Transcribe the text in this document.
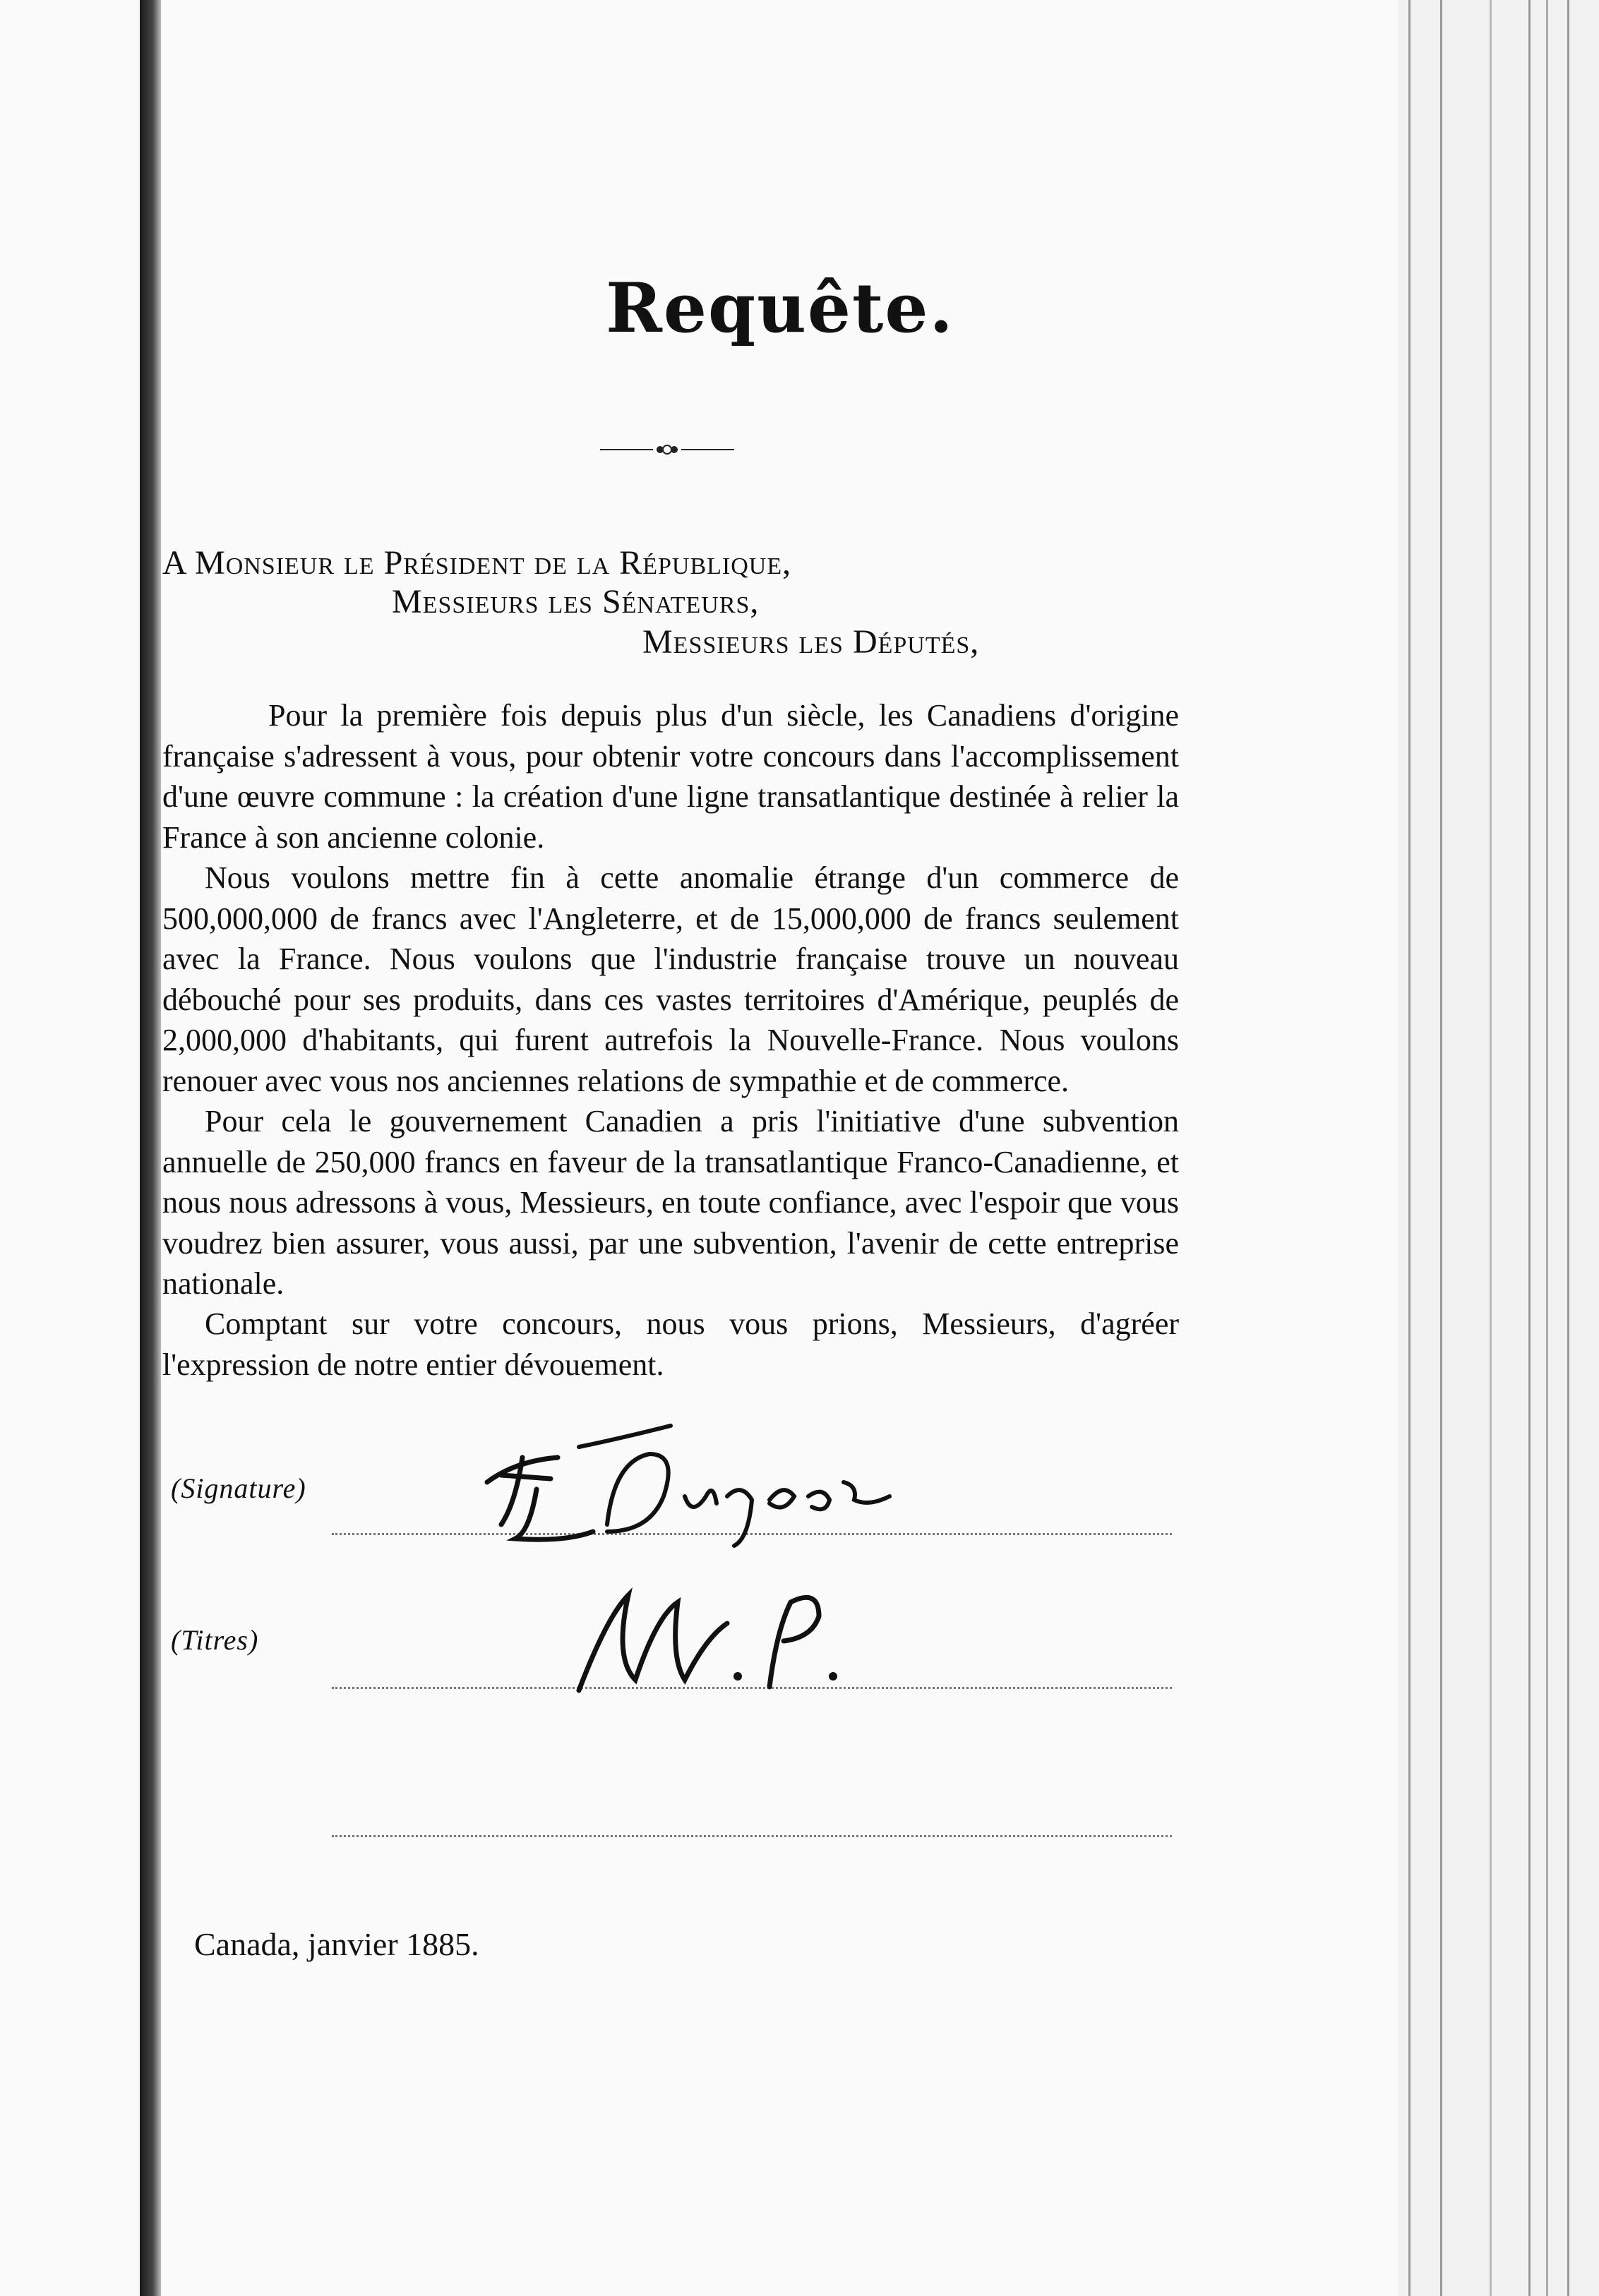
Requête.
A Monsieur le Président de la République,
Messieurs les Sénateurs,
Messieurs les Députés,
Pour la première fois depuis plus d'un siècle, les Canadiens d'origine française s'adressent à vous, pour obtenir votre concours dans l'accomplissement d'une œuvre commune : la création d'une ligne transatlantique destinée à relier la France à son ancienne colonie.
Nous voulons mettre fin à cette anomalie étrange d'un commerce de 500,000,000 de francs avec l'Angleterre, et de 15,000,000 de francs seulement avec la France. Nous voulons que l'industrie française trouve un nouveau débouché pour ses produits, dans ces vastes territoires d'Amérique, peuplés de 2,000,000 d'habitants, qui furent autrefois la Nouvelle-France. Nous voulons renouer avec vous nos anciennes relations de sympathie et de commerce.
Pour cela le gouvernement Canadien a pris l'initiative d'une subvention annuelle de 250,000 francs en faveur de la transatlantique Franco-Canadienne, et nous nous adressons à vous, Messieurs, en toute confiance, avec l'espoir que vous voudrez bien assurer, vous aussi, par une subvention, l'avenir de cette entreprise nationale.
Comptant sur votre concours, nous vous prions, Messieurs, d'agréer l'expression de notre entier dévouement.
(Signature)
(Titres)
Canada, janvier 1885.
